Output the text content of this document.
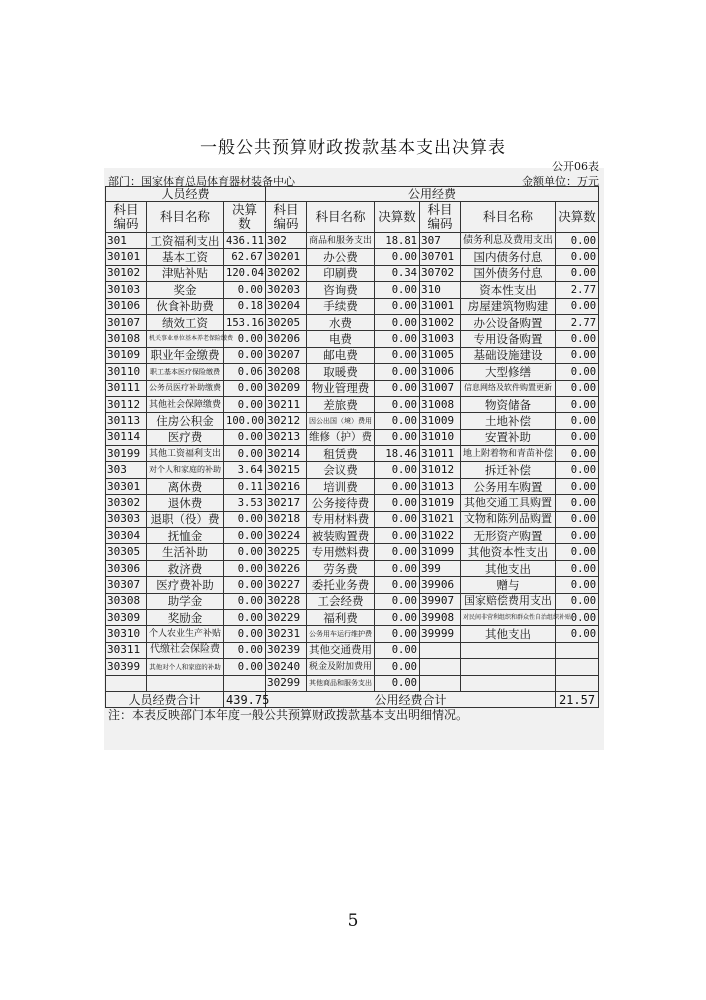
一般公共预算财政拨款基本支出决算表
公开06表
部门：国家体育总局体育器材装备中心	金额单位：万元
人员经费			公用经费					
科目编码	科目名称	决算数	科目编码	科目名称	决算数	科目编码	科目名称	决算数
301	工资福利支出	436.11	302	商品和服务支出	18.81	307	债务利息及费用支出	0.00
30101	基本工资	62.67	30201	办公费	0.00	30701	国内债务付息	0.00
30102	津贴补贴	120.04	30202	印刷费	0.34	30702	国外债务付息	0.00
30103	奖金	0.00	30203	咨询费	0.00	310	资本性支出	2.77
30106	伙食补助费	0.18	30204	手续费	0.00	31001	房屋建筑物购建	0.00
30107	绩效工资	153.16	30205	水费	0.00	31002	办公设备购置	2.77
30108	机关事业单位基本养老保险缴费	0.00	30206	电费	0.00	31003	专用设备购置	0.00
30109	职业年金缴费	0.00	30207	邮电费	0.00	31005	基础设施建设	0.00
30110	职工基本医疗保险缴费	0.06	30208	取暖费	0.00	31006	大型修缮	0.00
30111	公务员医疗补助缴费	0.00	30209	物业管理费	0.00	31007	信息网络及软件购置更新	0.00
30112	其他社会保障缴费	0.00	30211	差旅费	0.00	31008	物资储备	0.00
30113	住房公积金	100.00	30212	因公出国（境）费用	0.00	31009	土地补偿	0.00
30114	医疗费	0.00	30213	维修（护）费	0.00	31010	安置补助	0.00
30199	其他工资福利支出	0.00	30214	租赁费	18.46	31011	地上附着物和青苗补偿	0.00
303	对个人和家庭的补助	3.64	30215	会议费	0.00	31012	拆迁补偿	0.00
30301	离休费	0.11	30216	培训费	0.00	31013	公务用车购置	0.00
30302	退休费	3.53	30217	公务接待费	0.00	31019	其他交通工具购置	0.00
30303	退职（役）费	0.00	30218	专用材料费	0.00	31021	文物和陈列品购置	0.00
30304	抚恤金	0.00	30224	被装购置费	0.00	31022	无形资产购置	0.00
30305	生活补助	0.00	30225	专用燃料费	0.00	31099	其他资本性支出	0.00
30306	救济费	0.00	30226	劳务费	0.00	399	其他支出	0.00
30307	医疗费补助	0.00	30227	委托业务费	0.00	39906	赠与	0.00
30308	助学金	0.00	30228	工会经费	0.00	39907	国家赔偿费用支出	0.00
30309	奖励金	0.00	30229	福利费	0.00	39908	对民间非营利组织和群众性自治组织补贴	0.00
30310	个人农业生产补贴	0.00	30231	公务用车运行维护费	0.00	39999	其他支出	0.00
30311	代缴社会保险费	0.00	30239	其他交通费用	0.00			
30399	其他对个人和家庭的补助	0.00	30240	税金及附加费用	0.00			
			30299	其他商品和服务支出	0.00			
人员经费合计		439.75	公用经费合计					21.57
注：本表反映部门本年度一般公共预算财政拨款基本支出明细情况。
5
